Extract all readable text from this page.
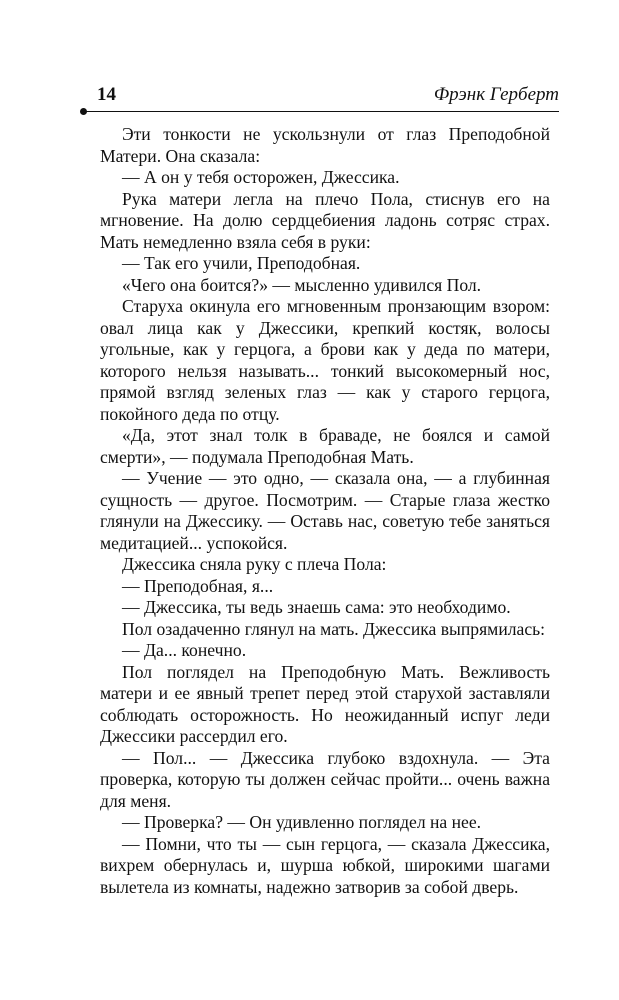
14	Фрэнк Герберт

Эти тонкости не ускользнули от глаз Преподобной Матери. Она сказала:

— А он у тебя осторожен, Джессика.

Рука матери легла на плечо Пола, стиснув его на мгновение. На долю сердцебиения ладонь сотряс страх. Мать немедленно взяла себя в руки:

— Так его учили, Преподобная.

«Чего она боится?» — мысленно удивился Пол.

Старуха окинула его мгновенным пронзающим взором: овал лица как у Джессики, крепкий костяк, волосы угольные, как у герцога, а брови как у деда по матери, которого нельзя называть... тонкий высокомерный нос, прямой взгляд зеленых глаз — как у старого герцога, покойного деда по отцу.

«Да, этот знал толк в браваде, не боялся и самой смерти», — подумала Преподобная Мать.

— Учение — это одно, — сказала она, — а глубинная сущность — другое. Посмотрим. — Старые глаза жестко глянули на Джессику. — Оставь нас, советую тебе заняться медитацией... успокойся.

Джессика сняла руку с плеча Пола:

— Преподобная, я...

— Джессика, ты ведь знаешь сама: это необходимо.

Пол озадаченно глянул на мать. Джессика выпрямилась:

— Да... конечно.

Пол поглядел на Преподобную Мать. Вежливость матери и ее явный трепет перед этой старухой заставляли соблюдать осторожность. Но неожиданный испуг леди Джессики рассердил его.

— Пол... — Джессика глубоко вздохнула. — Эта проверка, которую ты должен сейчас пройти... очень важна для меня.

— Проверка? — Он удивленно поглядел на нее.

— Помни, что ты — сын герцога, — сказала Джессика, вихрем обернулась и, шурша юбкой, широкими шагами вылетела из комнаты, надежно затворив за собой дверь.
